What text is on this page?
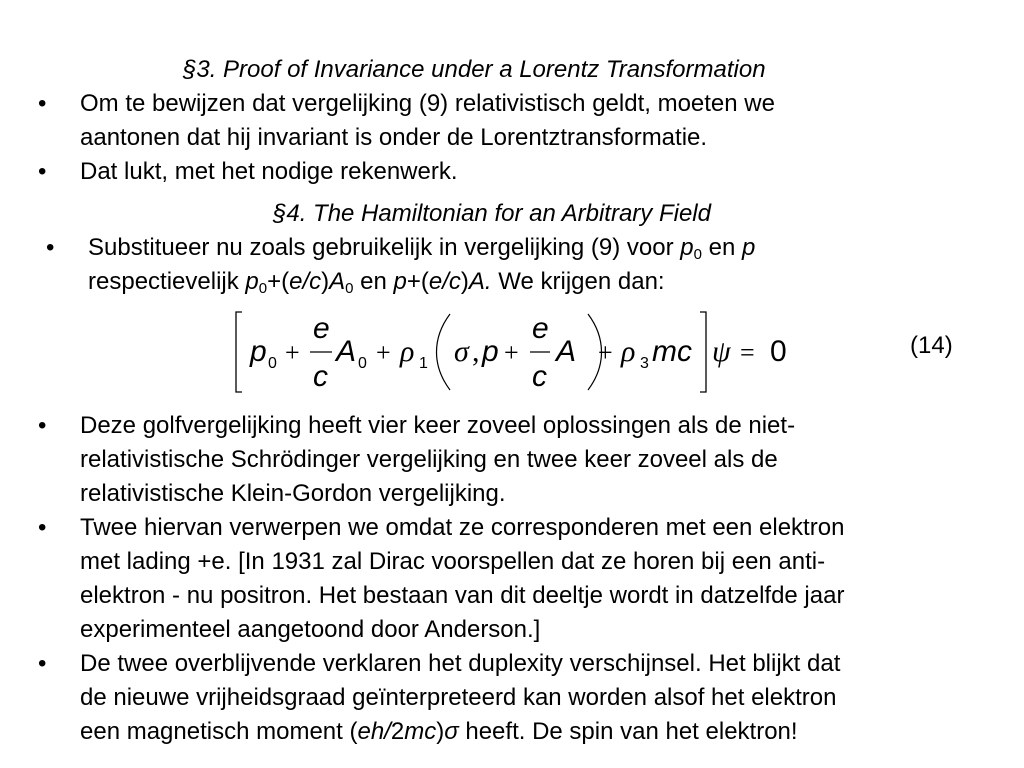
§3. Proof of Invariance under a Lorentz Transformation
• Om te bewijzen dat vergelijking (9) relativistisch geldt, moeten we
aantonen dat hij invariant is onder de Lorentztransformatie.
• Dat lukt, met het nodige rekenwerk.
§4. The Hamiltonian for an Arbitrary Field
• Substitueer nu zoals gebruikelijk in vergelijking (9) voor $p_0$ en p
respectievelijk $p_0+(e/c)A_0$ en p+(e/c)A. We krijgen dan:
p 0 +
e
c
A 0 + ρ 1 σ , p +
e
c
A + ρ 3 mc ψ = 0	(14)
• Deze golfvergelijking heeft vier keer zoveel oplossingen als de niet-
relativistische Schrödinger vergelijking en twee keer zoveel als de
relativistische Klein-Gordon vergelijking.
• Twee hiervan verwerpen we omdat ze corresponderen met een elektron
met lading +e. [In 1931 zal Dirac voorspellen dat ze horen bij een anti-
elektron - nu positron. Het bestaan van dit deeltje wordt in datzelfde jaar
experimenteel aangetoond door Anderson.]
• De twee overblijvende verklaren het duplexity verschijnsel. Het blijkt dat
de nieuwe vrijheidsgraad geïnterpreteerd kan worden alsof het elektron
een magnetisch moment (eh/2mc)σ heeft. De spin van het elektron!
